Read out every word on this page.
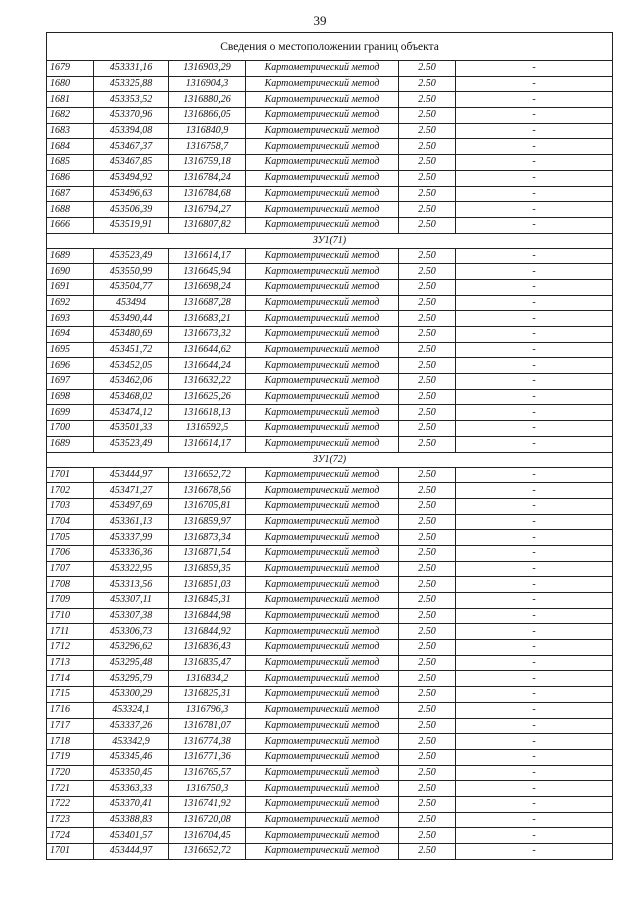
39
Сведения о местоположении границ объекта					
1679	453331,16	1316903,29	Картометрический метод	2.50	-
1680	453325,88	1316904,3	Картометрический метод	2.50	-
1681	453353,52	1316880,26	Картометрический метод	2.50	-
1682	453370,96	1316866,05	Картометрический метод	2.50	-
1683	453394,08	1316840,9	Картометрический метод	2.50	-
1684	453467,37	1316758,7	Картометрический метод	2.50	-
1685	453467,85	1316759,18	Картометрический метод	2.50	-
1686	453494,92	1316784,24	Картометрический метод	2.50	-
1687	453496,63	1316784,68	Картометрический метод	2.50	-
1688	453506,39	1316794,27	Картометрический метод	2.50	-
1666	453519,91	1316807,82	Картометрический метод	2.50	-
ЗУ1(71)					
1689	453523,49	1316614,17	Картометрический метод	2.50	-
1690	453550,99	1316645,94	Картометрический метод	2.50	-
1691	453504,77	1316698,24	Картометрический метод	2.50	-
1692	453494	1316687,28	Картометрический метод	2.50	-
1693	453490,44	1316683,21	Картометрический метод	2.50	-
1694	453480,69	1316673,32	Картометрический метод	2.50	-
1695	453451,72	1316644,62	Картометрический метод	2.50	-
1696	453452,05	1316644,24	Картометрический метод	2.50	-
1697	453462,06	1316632,22	Картометрический метод	2.50	-
1698	453468,02	1316625,26	Картометрический метод	2.50	-
1699	453474,12	1316618,13	Картометрический метод	2.50	-
1700	453501,33	1316592,5	Картометрический метод	2.50	-
1689	453523,49	1316614,17	Картометрический метод	2.50	-
ЗУ1(72)					
1701	453444,97	1316652,72	Картометрический метод	2.50	-
1702	453471,27	1316678,56	Картометрический метод	2.50	-
1703	453497,69	1316705,81	Картометрический метод	2.50	-
1704	453361,13	1316859,97	Картометрический метод	2.50	-
1705	453337,99	1316873,34	Картометрический метод	2.50	-
1706	453336,36	1316871,54	Картометрический метод	2.50	-
1707	453322,95	1316859,35	Картометрический метод	2.50	-
1708	453313,56	1316851,03	Картометрический метод	2.50	-
1709	453307,11	1316845,31	Картометрический метод	2.50	-
1710	453307,38	1316844,98	Картометрический метод	2.50	-
1711	453306,73	1316844,92	Картометрический метод	2.50	-
1712	453296,62	1316836,43	Картометрический метод	2.50	-
1713	453295,48	1316835,47	Картометрический метод	2.50	-
1714	453295,79	1316834,2	Картометрический метод	2.50	-
1715	453300,29	1316825,31	Картометрический метод	2.50	-
1716	453324,1	1316796,3	Картометрический метод	2.50	-
1717	453337,26	1316781,07	Картометрический метод	2.50	-
1718	453342,9	1316774,38	Картометрический метод	2.50	-
1719	453345,46	1316771,36	Картометрический метод	2.50	-
1720	453350,45	1316765,57	Картометрический метод	2.50	-
1721	453363,33	1316750,3	Картометрический метод	2.50	-
1722	453370,41	1316741,92	Картометрический метод	2.50	-
1723	453388,83	1316720,08	Картометрический метод	2.50	-
1724	453401,57	1316704,45	Картометрический метод	2.50	-
1701	453444,97	1316652,72	Картометрический метод	2.50	-
